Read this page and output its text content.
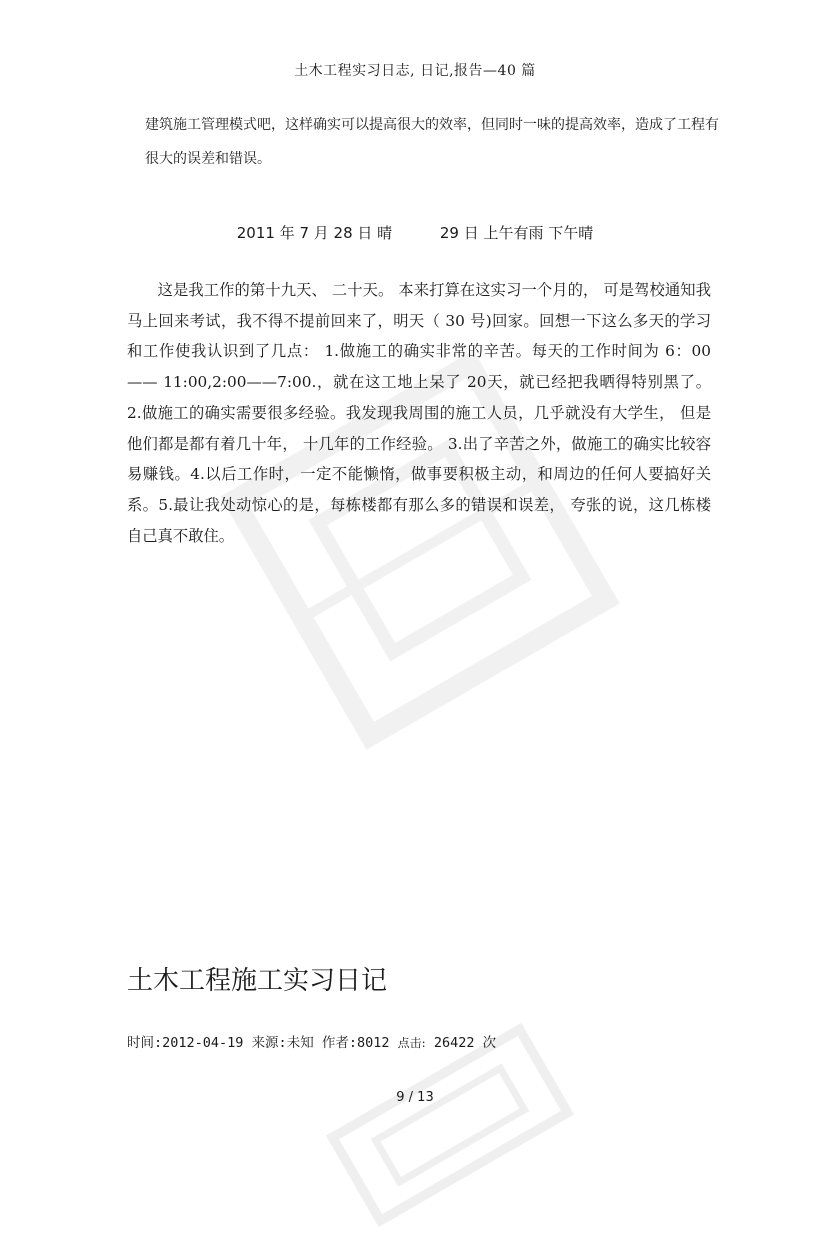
土木工程实习日志, 日记,报告—40 篇

建筑施工管理模式吧，这样确实可以提高很大的效率，但同时一味的提高效率，造成了工程有很大的误差和错误。

2011 年 7 月 28 日 晴          29 日 上午有雨 下午晴

这是我工作的第十九天、 二十天。 本来打算在这实习一个月的， 可是驾校通知我马上回来考试，我不得不提前回来了，明天（ 30 号)回家。回想一下这么多天的学习和工作使我认识到了几点： 1.做施工的确实非常的辛苦。每天的工作时间为 6：00—— 11:00,2:00——7:00.，就在这工地上呆了 20天，就已经把我晒得特别黑了。 2.做施工的确实需要很多经验。我发现我周围的施工人员，几乎就没有大学生， 但是他们都是都有着几十年， 十几年的工作经验。 3.出了辛苦之外，做施工的确实比较容易赚钱。4.以后工作时，一定不能懒惰，做事要积极主动，和周边的任何人要搞好关系。5.最让我处动惊心的是，每栋楼都有那么多的错误和误差， 夸张的说，这几栋楼自己真不敢住。

土木工程施工实习日记
时间:2012-04-19 来源:未知 作者:8012 点击: 26422 次
9 / 13
